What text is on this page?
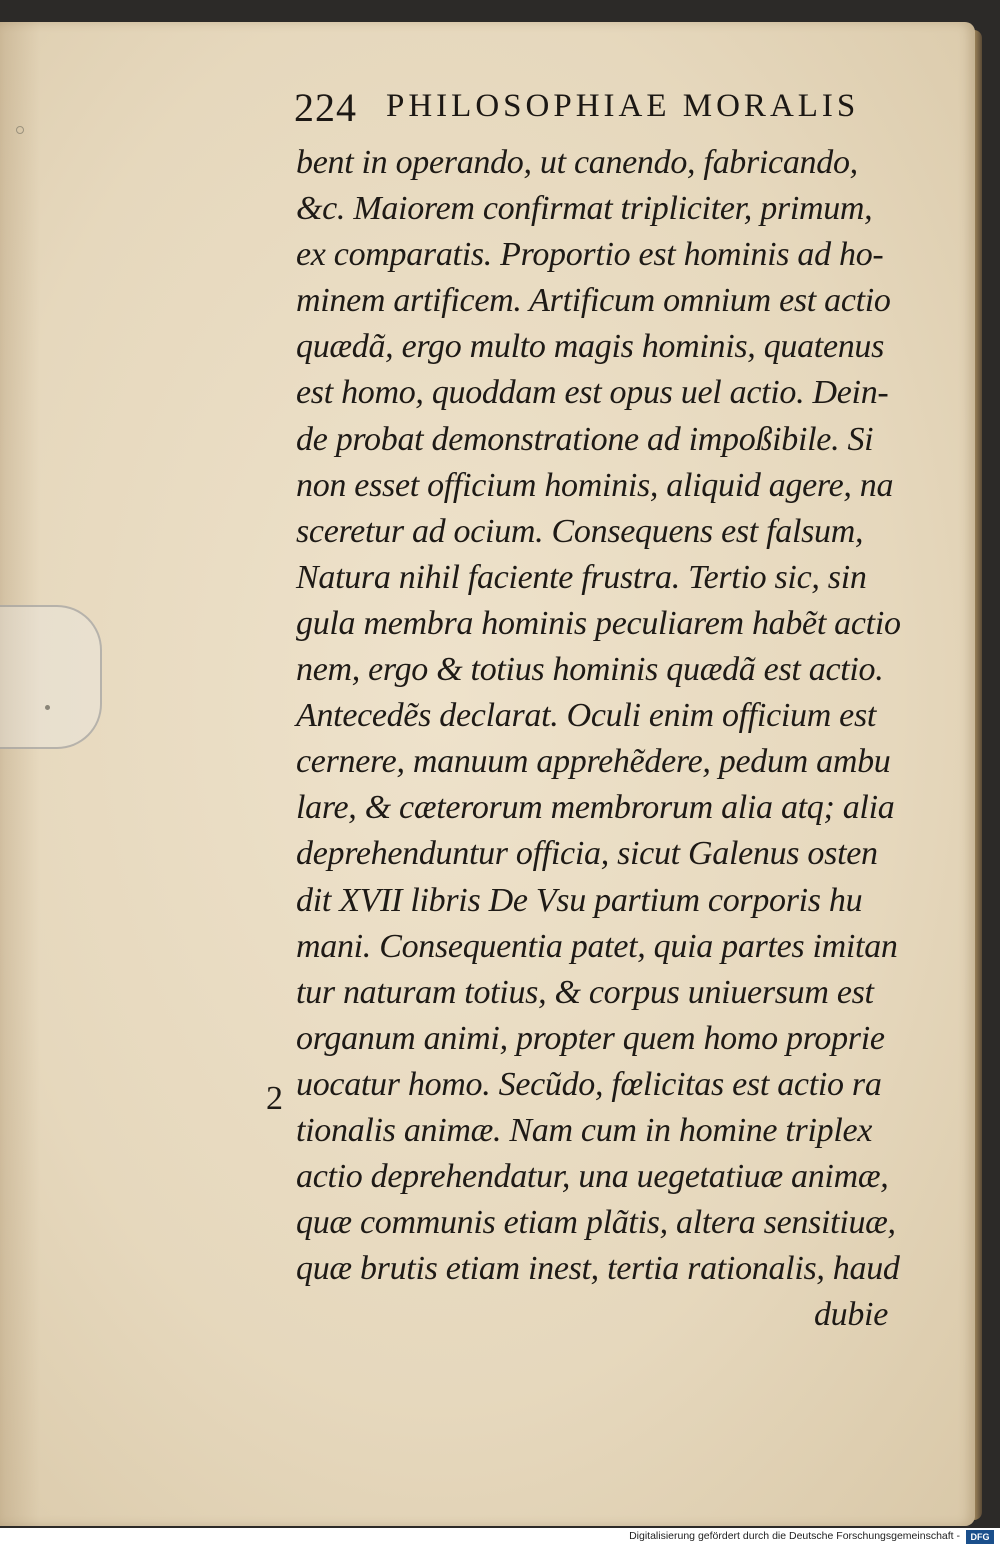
224 PHILOSOPHIAE MORALIS
2
bent in operando, ut canendo, fabricando,
&c. Maiorem confirmat tripliciter, primum,
ex comparatis. Proportio est hominis ad ho-
minem artificem. Artificum omnium est actio
quædã, ergo multo magis hominis, quatenus
est homo, quoddam est opus uel actio. Dein-
de probat demonstratione ad impoßibile. Si
non esset officium hominis, aliquid agere, na
sceretur ad ocium. Consequens est falsum,
Natura nihil faciente frustra. Tertio sic, sin
gula membra hominis peculiarem habẽt actio
nem, ergo & totius hominis quædã est actio.
Antecedẽs declarat. Oculi enim officium est
cernere, manuum apprehẽdere, pedum ambu
lare, & cæterorum membrorum alia atq; alia
deprehenduntur officia, sicut Galenus osten
dit XVII libris De Vsu partium corporis hu
mani. Consequentia patet, quia partes imitan
tur naturam totius, & corpus uniuersum est
organum animi, propter quem homo proprie
uocatur homo. Secũdo, fœlicitas est actio ra
tionalis animæ. Nam cum in homine triplex
actio deprehendatur, una uegetatiuæ animæ,
quæ communis etiam plãtis, altera sensitiuæ,
quæ brutis etiam inest, tertia rationalis, haud
dubie
Digitalisierung gefördert durch die Deutsche Forschungsgemeinschaft -	DFG
